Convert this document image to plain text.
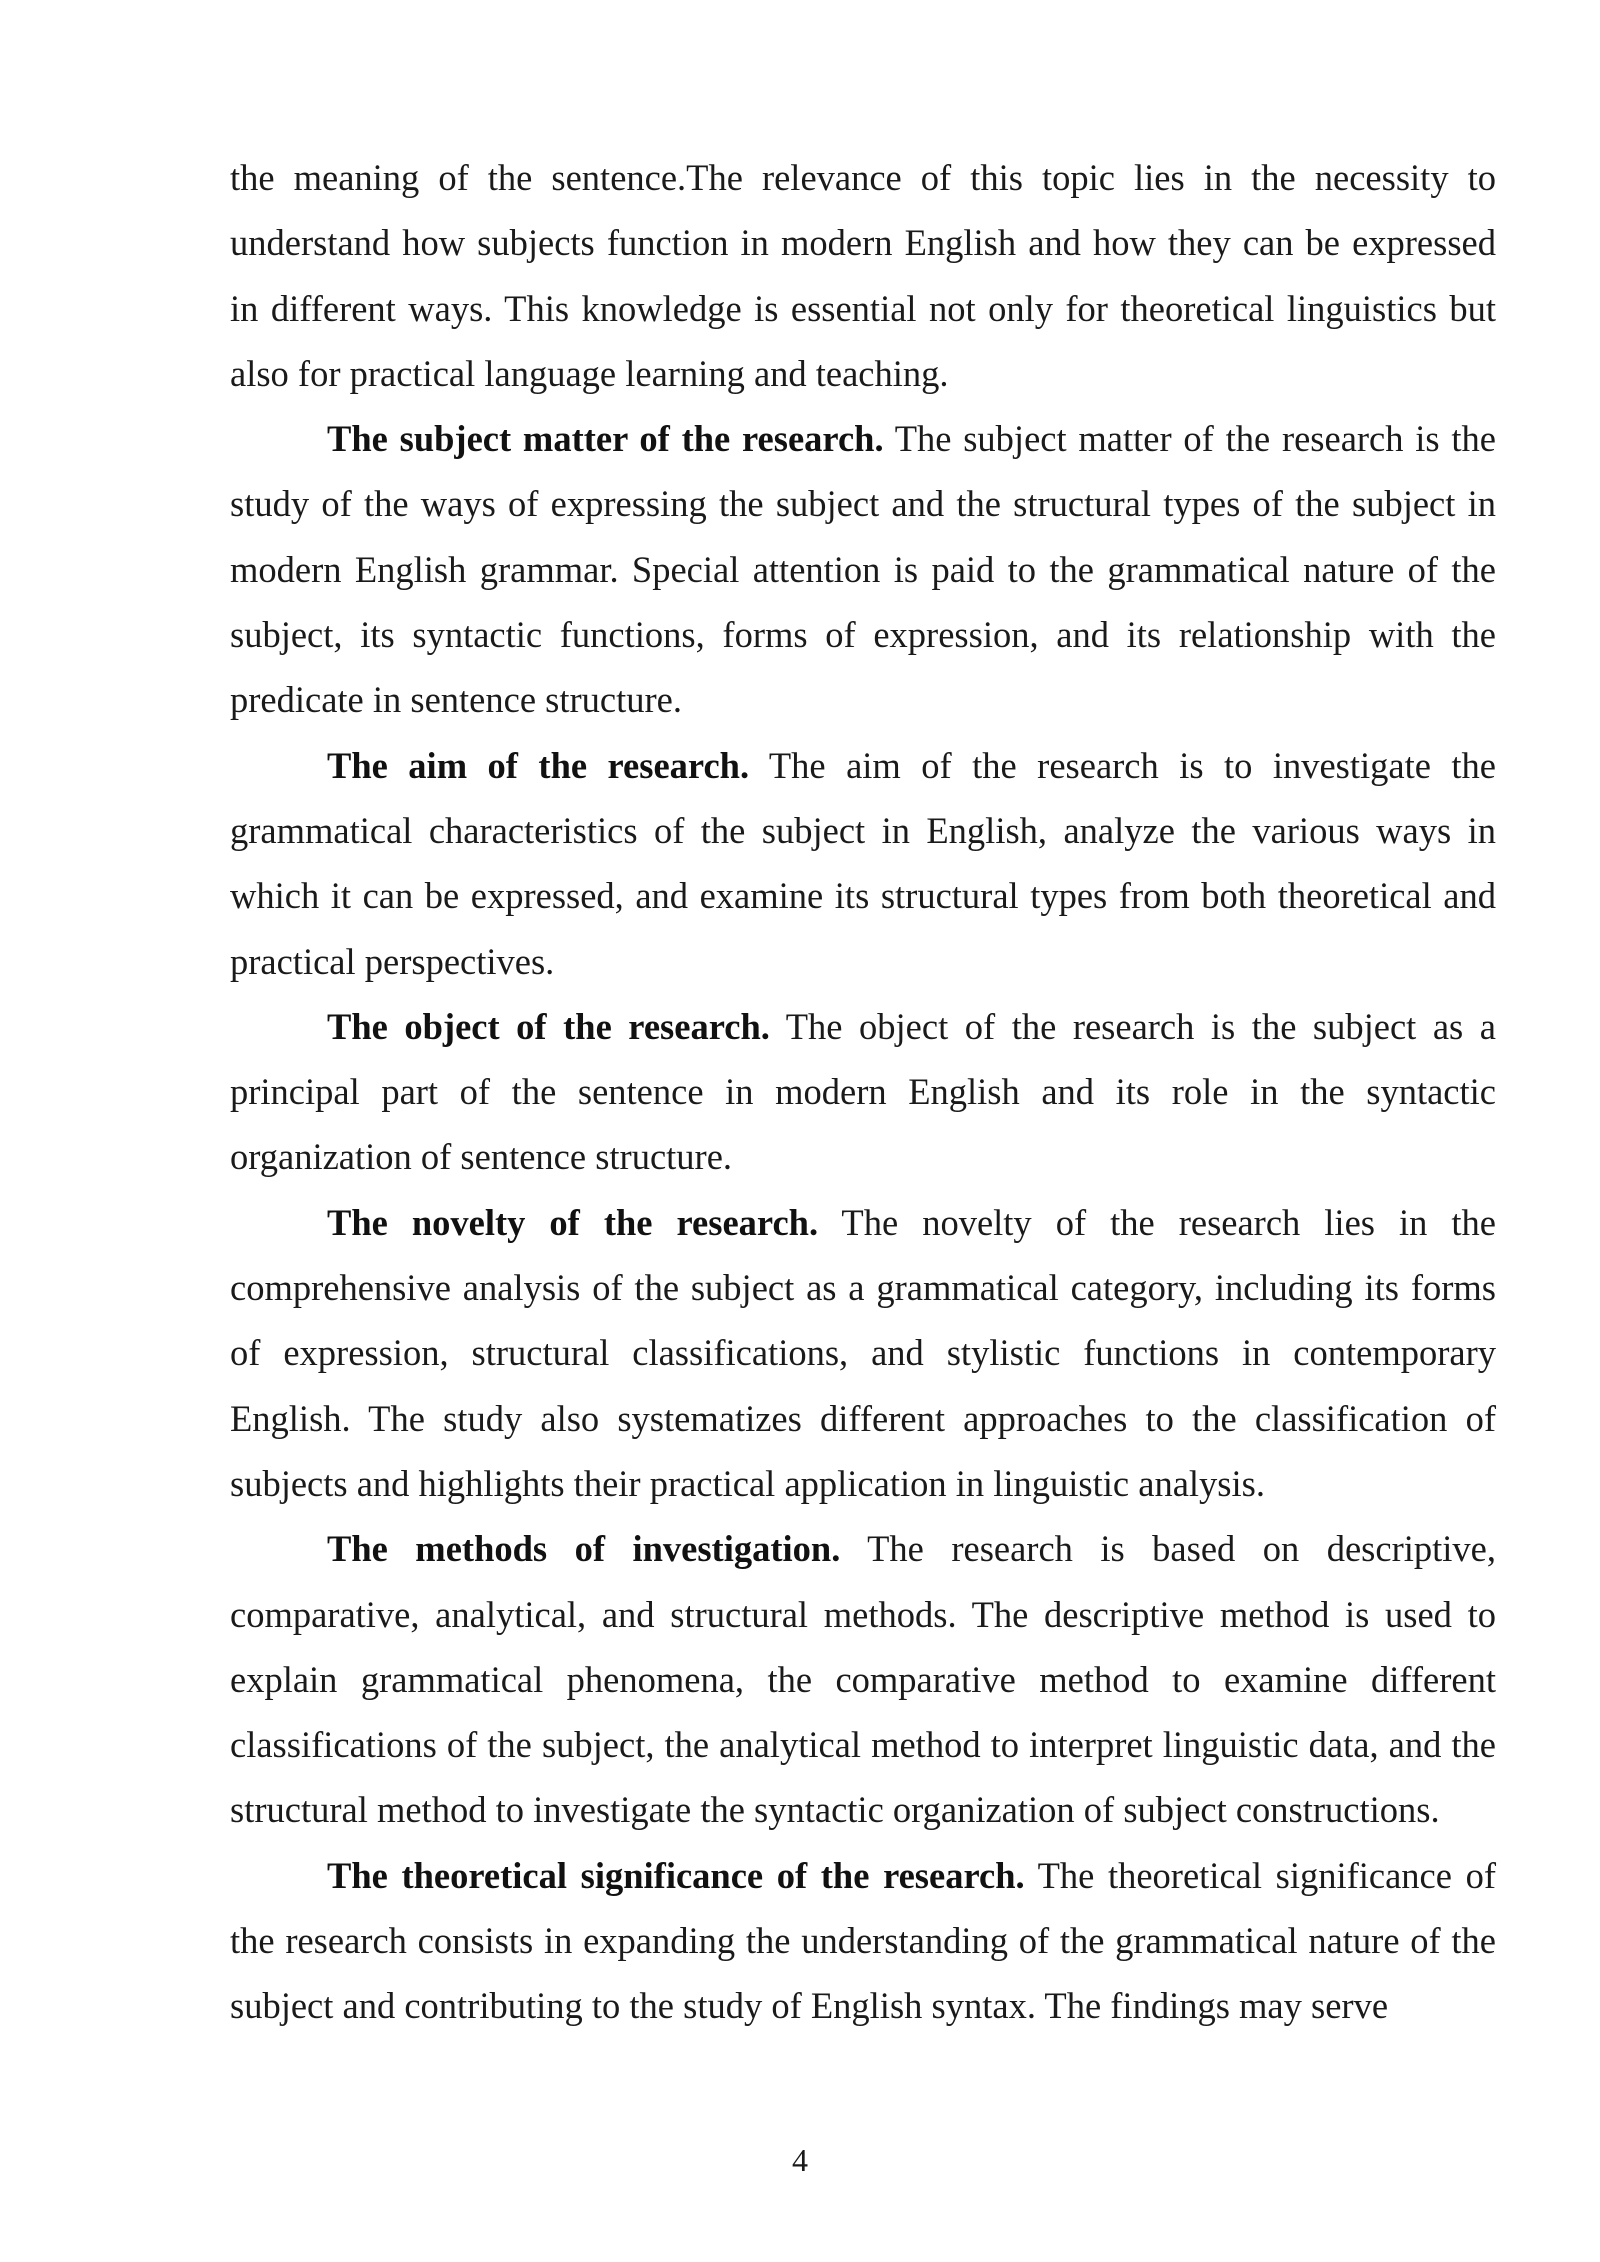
the meaning of the sentence.The relevance of this topic lies in the necessity to understand how subjects function in modern English and how they can be expressed in different ways. This knowledge is essential not only for theoretical linguistics but also for practical language learning and teaching.

The subject matter of the research. The subject matter of the research is the study of the ways of expressing the subject and the structural types of the subject in modern English grammar. Special attention is paid to the grammatical nature of the subject, its syntactic functions, forms of expression, and its relationship with the predicate in sentence structure.

The aim of the research. The aim of the research is to investigate the grammatical characteristics of the subject in English, analyze the various ways in which it can be expressed, and examine its structural types from both theoretical and practical perspectives.

The object of the research. The object of the research is the subject as a principal part of the sentence in modern English and its role in the syntactic organization of sentence structure.

The novelty of the research. The novelty of the research lies in the comprehensive analysis of the subject as a grammatical category, including its forms of expression, structural classifications, and stylistic functions in contemporary English. The study also systematizes different approaches to the classification of subjects and highlights their practical application in linguistic analysis.

The methods of investigation. The research is based on descriptive, comparative, analytical, and structural methods. The descriptive method is used to explain grammatical phenomena, the comparative method to examine different classifications of the subject, the analytical method to interpret linguistic data, and the structural method to investigate the syntactic organization of subject constructions.

The theoretical significance of the research. The theoretical significance of the research consists in expanding the understanding of the grammatical nature of the subject and contributing to the study of English syntax. The findings may serve

4
